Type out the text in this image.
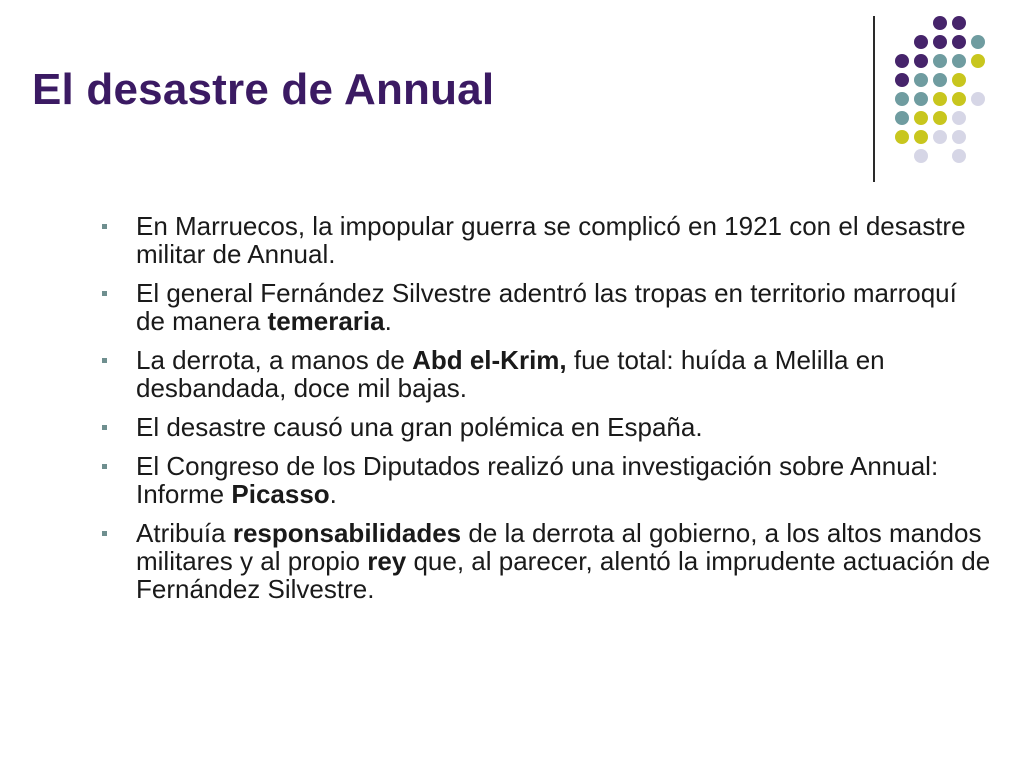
El desastre de Annual
En Marruecos, la impopular guerra se complicó en 1921 con el desastre militar de Annual.
El general Fernández Silvestre adentró las tropas en territorio marroquí de manera temeraria.
La derrota, a manos de Abd el-Krim, fue total: huída a Melilla en desbandada, doce mil bajas.
El desastre causó una gran polémica en España.
El Congreso de los Diputados realizó una investigación sobre Annual: Informe Picasso.
Atribuía responsabilidades de la derrota al gobierno, a los altos mandos militares y al propio rey que, al parecer, alentó la imprudente actuación de Fernández Silvestre.
